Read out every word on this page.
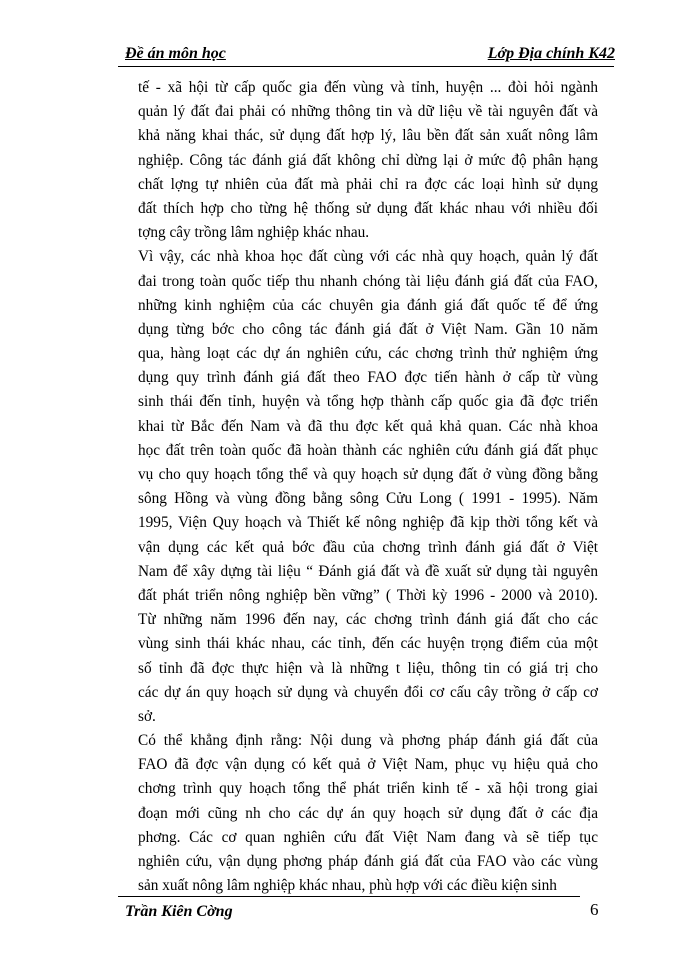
Đề án môn học	Lớp Địa chính K42
tế - xã hội từ cấp quốc gia đến vùng và tỉnh, huyện ... đòi hỏi ngành
quản lý đất đai phải có những thông tin và dữ liệu về tài nguyên đất và
khả năng khai thác, sử dụng đất hợp lý, lâu bền đất sản xuất nông lâm
nghiệp. Công tác đánh giá đất không chỉ dừng lại ở mức độ phân hạng
chất lợng tự nhiên của đất mà phải chỉ ra đợc các loại hình sử dụng
đất thích hợp cho từng hệ thống sử dụng đất khác nhau với nhiều đối
tợng cây trồng lâm nghiệp khác nhau.
Vì vậy, các nhà khoa học đất cùng với các nhà quy hoạch, quản lý đất
đai trong toàn quốc tiếp thu nhanh chóng tài liệu đánh giá đất của FAO,
những kinh nghiệm của các chuyên gia đánh giá đất quốc tế để ứng
dụng từng bớc cho công tác đánh giá đất ở Việt Nam. Gần 10 năm
qua, hàng loạt các dự án nghiên cứu, các chơng trình thử nghiệm ứng
dụng quy trình đánh giá đất theo FAO đợc tiến hành ở cấp từ vùng
sinh thái đến tỉnh, huyện và tổng hợp thành cấp quốc gia đã đợc triển
khai từ Bắc đến Nam và đã thu đợc kết quả khả quan. Các nhà khoa
học đất trên toàn quốc đã hoàn thành các nghiên cứu đánh giá đất phục
vụ cho quy hoạch tổng thể và quy hoạch sử dụng đất ở vùng đồng bằng
sông Hồng và vùng đồng bằng sông Cửu Long ( 1991 - 1995). Năm
1995, Viện Quy hoạch và Thiết kế nông nghiệp đã kịp thời tổng kết và
vận dụng các kết quả bớc đầu của chơng trình đánh giá đất ở Việt
Nam để xây dựng tài liệu “ Đánh giá đất và đề xuất sử dụng tài nguyên
đất phát triển nông nghiệp bền vững” ( Thời kỳ 1996 - 2000 và 2010).
Từ những năm 1996 đến nay, các chơng trình đánh giá đất cho các
vùng sinh thái khác nhau, các tỉnh, đến các huyện trọng điểm của một
số tỉnh đã đợc thực hiện và là những t liệu, thông tin có giá trị cho
các dự án quy hoạch sử dụng và chuyển đổi cơ cấu cây trồng ở cấp cơ
sở.
Có thể khẳng định rằng: Nội dung và phơng pháp đánh giá đất của
FAO đã đợc vận dụng có kết quả ở Việt Nam, phục vụ hiệu quả cho
chơng trình quy hoạch tổng thể phát triển kinh tế - xã hội trong giai
đoạn mới cũng nh cho các dự án quy hoạch sử dụng đất ở các địa
phơng. Các cơ quan nghiên cứu đất Việt Nam đang và sẽ tiếp tục
nghiên cứu, vận dụng phơng pháp đánh giá đất của FAO vào các vùng
sản xuất nông lâm nghiệp khác nhau, phù hợp với các điều kiện sinh
Trần Kiên Cờng	6
